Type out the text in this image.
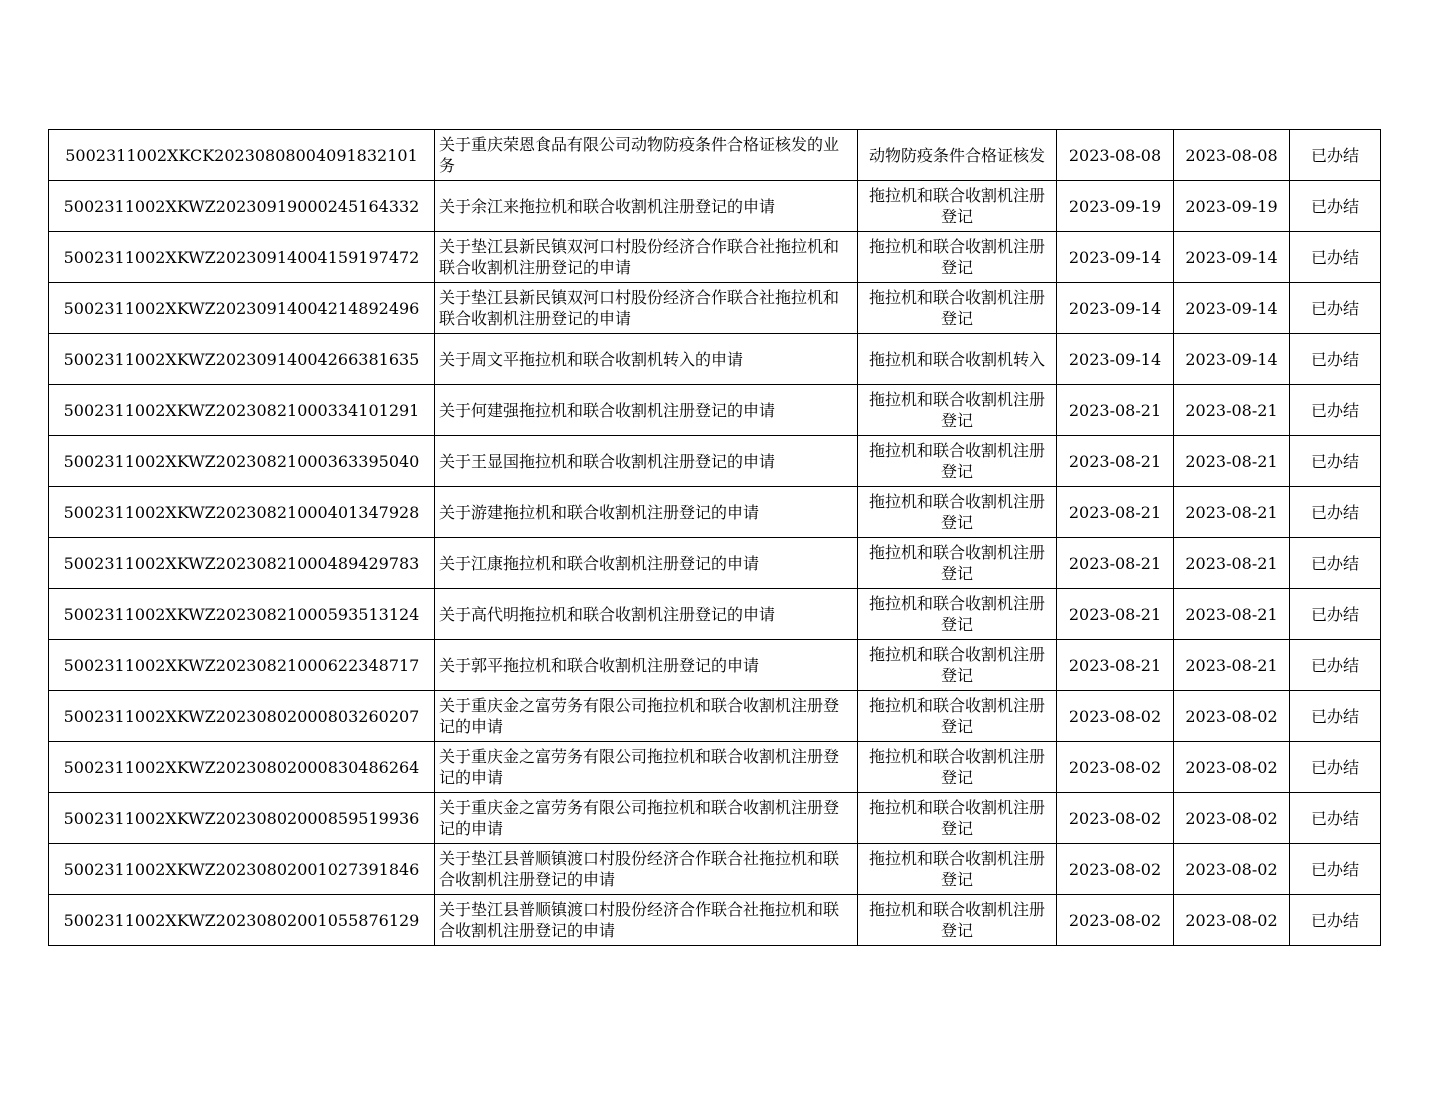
5002311002XKCK20230808004091832101	关于重庆荣恩食品有限公司动物防疫条件合格证核发的业务	动物防疫条件合格证核发	2023-08-08	2023-08-08	已办结
5002311002XKWZ20230919000245164332	关于余江来拖拉机和联合收割机注册登记的申请	拖拉机和联合收割机注册登记	2023-09-19	2023-09-19	已办结
5002311002XKWZ20230914004159197472	关于垫江县新民镇双河口村股份经济合作联合社拖拉机和联合收割机注册登记的申请	拖拉机和联合收割机注册登记	2023-09-14	2023-09-14	已办结
5002311002XKWZ20230914004214892496	关于垫江县新民镇双河口村股份经济合作联合社拖拉机和联合收割机注册登记的申请	拖拉机和联合收割机注册登记	2023-09-14	2023-09-14	已办结
5002311002XKWZ20230914004266381635	关于周文平拖拉机和联合收割机转入的申请	拖拉机和联合收割机转入	2023-09-14	2023-09-14	已办结
5002311002XKWZ20230821000334101291	关于何建强拖拉机和联合收割机注册登记的申请	拖拉机和联合收割机注册登记	2023-08-21	2023-08-21	已办结
5002311002XKWZ20230821000363395040	关于王显国拖拉机和联合收割机注册登记的申请	拖拉机和联合收割机注册登记	2023-08-21	2023-08-21	已办结
5002311002XKWZ20230821000401347928	关于游建拖拉机和联合收割机注册登记的申请	拖拉机和联合收割机注册登记	2023-08-21	2023-08-21	已办结
5002311002XKWZ20230821000489429783	关于江康拖拉机和联合收割机注册登记的申请	拖拉机和联合收割机注册登记	2023-08-21	2023-08-21	已办结
5002311002XKWZ20230821000593513124	关于高代明拖拉机和联合收割机注册登记的申请	拖拉机和联合收割机注册登记	2023-08-21	2023-08-21	已办结
5002311002XKWZ20230821000622348717	关于郭平拖拉机和联合收割机注册登记的申请	拖拉机和联合收割机注册登记	2023-08-21	2023-08-21	已办结
5002311002XKWZ20230802000803260207	关于重庆金之富劳务有限公司拖拉机和联合收割机注册登记的申请	拖拉机和联合收割机注册登记	2023-08-02	2023-08-02	已办结
5002311002XKWZ20230802000830486264	关于重庆金之富劳务有限公司拖拉机和联合收割机注册登记的申请	拖拉机和联合收割机注册登记	2023-08-02	2023-08-02	已办结
5002311002XKWZ20230802000859519936	关于重庆金之富劳务有限公司拖拉机和联合收割机注册登记的申请	拖拉机和联合收割机注册登记	2023-08-02	2023-08-02	已办结
5002311002XKWZ20230802001027391846	关于垫江县普顺镇渡口村股份经济合作联合社拖拉机和联合收割机注册登记的申请	拖拉机和联合收割机注册登记	2023-08-02	2023-08-02	已办结
5002311002XKWZ20230802001055876129	关于垫江县普顺镇渡口村股份经济合作联合社拖拉机和联合收割机注册登记的申请	拖拉机和联合收割机注册登记	2023-08-02	2023-08-02	已办结
